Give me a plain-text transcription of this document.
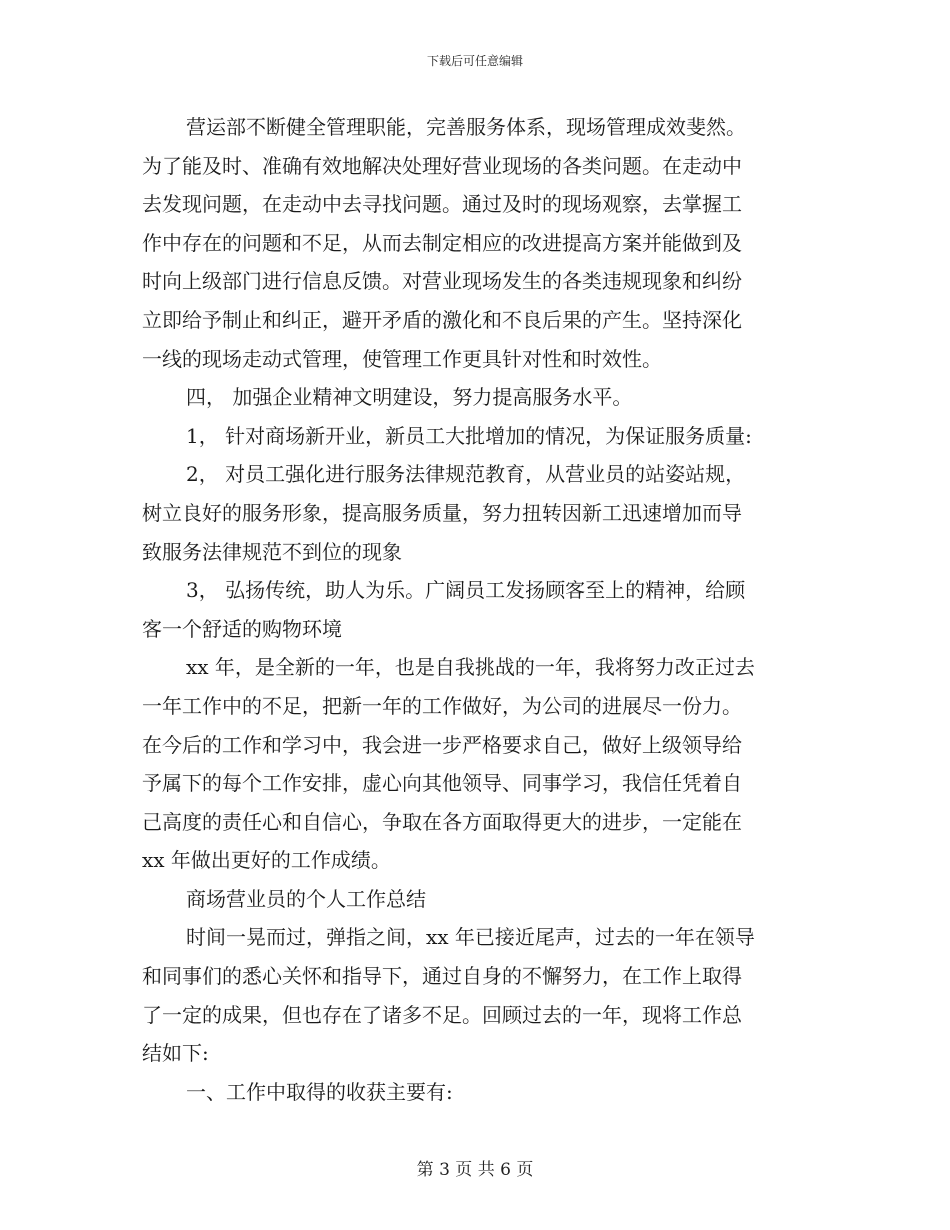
下载后可任意编辑
营运部不断健全管理职能，完善服务体系，现场管理成效斐然。
为了能及时、准确有效地解决处理好营业现场的各类问题。在走动中
去发现问题，在走动中去寻找问题。通过及时的现场观察，去掌握工
作中存在的问题和不足，从而去制定相应的改进提高方案并能做到及
时向上级部门进行信息反馈。对营业现场发生的各类违规现象和纠纷
立即给予制止和纠正，避开矛盾的激化和不良后果的产生。坚持深化
一线的现场走动式管理，使管理工作更具针对性和时效性。
四， 加强企业精神文明建设，努力提高服务水平。
1， 针对商场新开业，新员工大批增加的情况，为保证服务质量:
2， 对员工强化进行服务法律规范教育，从营业员的站姿站规，
树立良好的服务形象，提高服务质量，努力扭转因新工迅速增加而导
致服务法律规范不到位的现象
3， 弘扬传统，助人为乐。广阔员工发扬顾客至上的精神，给顾
客一个舒适的购物环境
xx 年，是全新的一年，也是自我挑战的一年，我将努力改正过去
一年工作中的不足，把新一年的工作做好，为公司的进展尽一份力。
在今后的工作和学习中，我会进一步严格要求自己，做好上级领导给
予属下的每个工作安排，虚心向其他领导、同事学习，我信任凭着自
己高度的责任心和自信心，争取在各方面取得更大的进步，一定能在
xx 年做出更好的工作成绩。
商场营业员的个人工作总结
时间一晃而过，弹指之间，xx 年已接近尾声，过去的一年在领导
和同事们的悉心关怀和指导下，通过自身的不懈努力，在工作上取得
了一定的成果，但也存在了诸多不足。回顾过去的一年，现将工作总
结如下:
一、工作中取得的收获主要有:
第 3 页 共 6 页
